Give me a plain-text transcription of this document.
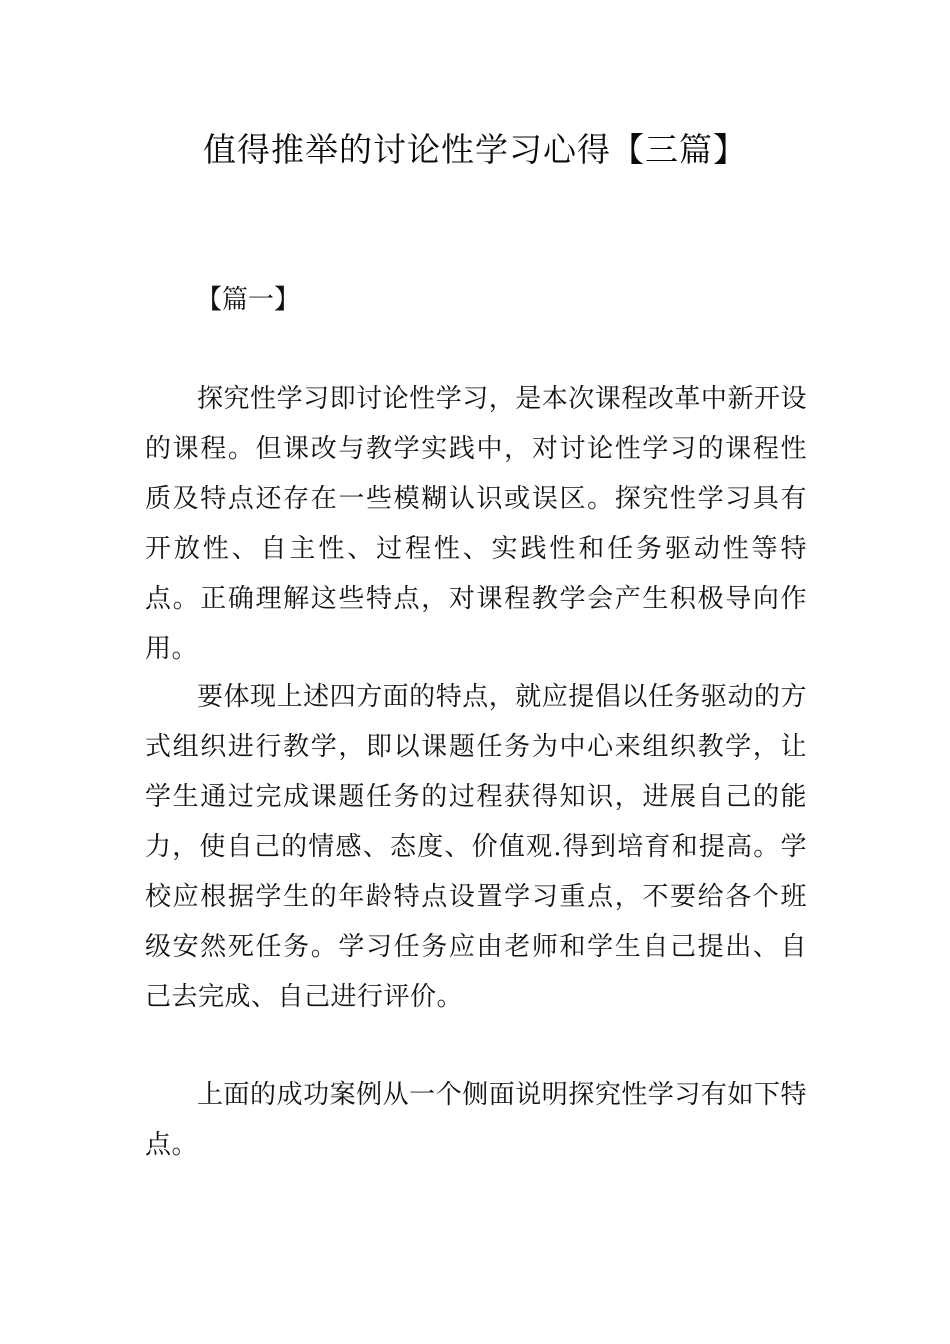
值得推举的讨论性学习心得【三篇】
【篇一】

探究性学习即讨论性学习，是本次课程改革中新开设的课程。但课改与教学实践中，对讨论性学习的课程性质及特点还存在一些模糊认识或误区。探究性学习具有开放性、自主性、过程性、实践性和任务驱动性等特点。正确理解这些特点，对课程教学会产生积极导向作用。

要体现上述四方面的特点，就应提倡以任务驱动的方式组织进行教学，即以课题任务为中心来组织教学，让学生通过完成课题任务的过程获得知识，进展自己的能力，使自己的情感、态度、价值观.得到培育和提高。学校应根据学生的年龄特点设置学习重点，不要给各个班级安然死任务。学习任务应由老师和学生自己提出、自己去完成、自己进行评价。

上面的成功案例从一个侧面说明探究性学习有如下特点。
